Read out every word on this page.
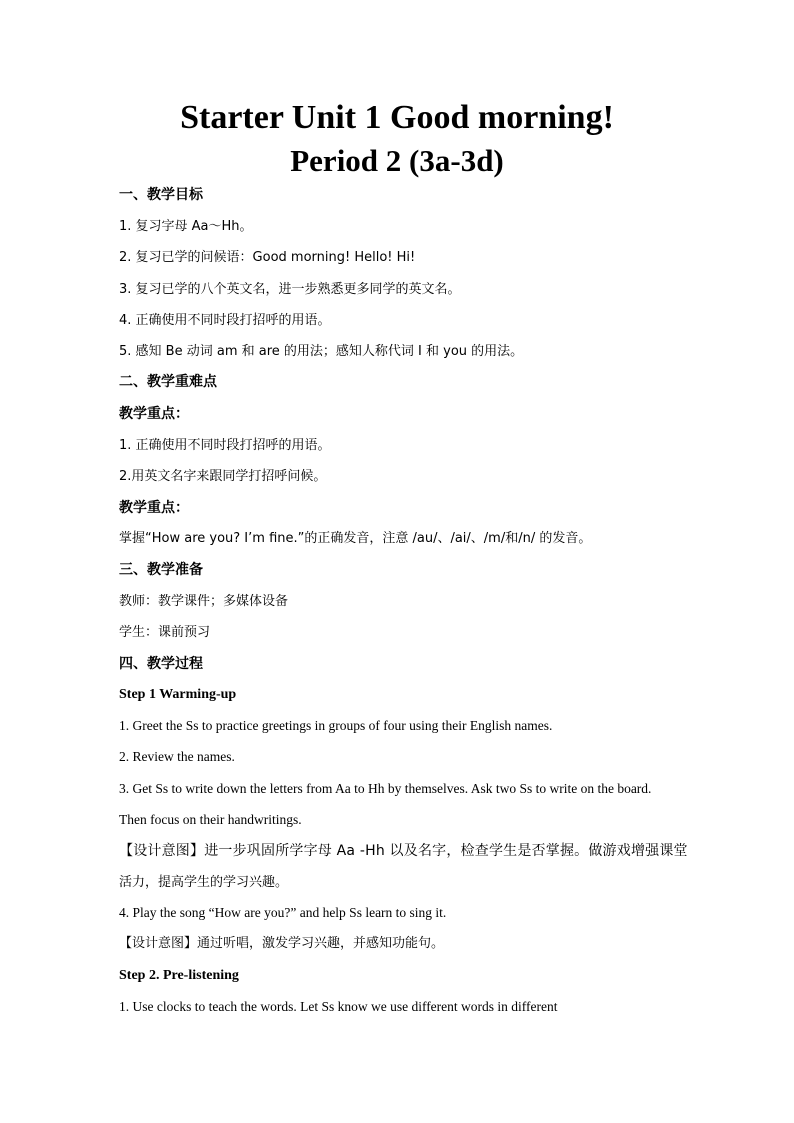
Starter Unit 1 Good morning!
Period 2 (3a-3d)

一、教学目标

1. 复习字母 Aa～Hh。

2. 复习已学的问候语：Good morning! Hello! Hi!

3. 复习已学的八个英文名，进一步熟悉更多同学的英文名。

4. 正确使用不同时段打招呼的用语。

5. 感知 Be 动词 am 和 are 的用法；感知人称代词 I 和 you 的用法。

二、教学重难点

教学重点：

1. 正确使用不同时段打招呼的用语。

2.用英文名字来跟同学打招呼问候。

教学重点：

掌握“How are you? I’m fine.”的正确发音，注意 /au/、/ai/、/m/和/n/ 的发音。

三、教学准备

教师：教学课件；多媒体设备

学生：课前预习

四、教学过程

Step 1 Warming-up

1. Greet the Ss to practice greetings in groups of four using their English names.

2. Review the names.

3. Get Ss to write down the letters from Aa to Hh by themselves. Ask two Ss to write on the board.

Then focus on their handwritings.

【设计意图】进一步巩固所学字母 Aa -Hh 以及名字，检查学生是否掌握。做游戏增强课堂

活力，提高学生的学习兴趣。

4. Play the song “How are you?” and help Ss learn to sing it.

【设计意图】通过听唱，激发学习兴趣，并感知功能句。

Step 2. Pre-listening

1. Use clocks to teach the words. Let Ss know we use different words in different
